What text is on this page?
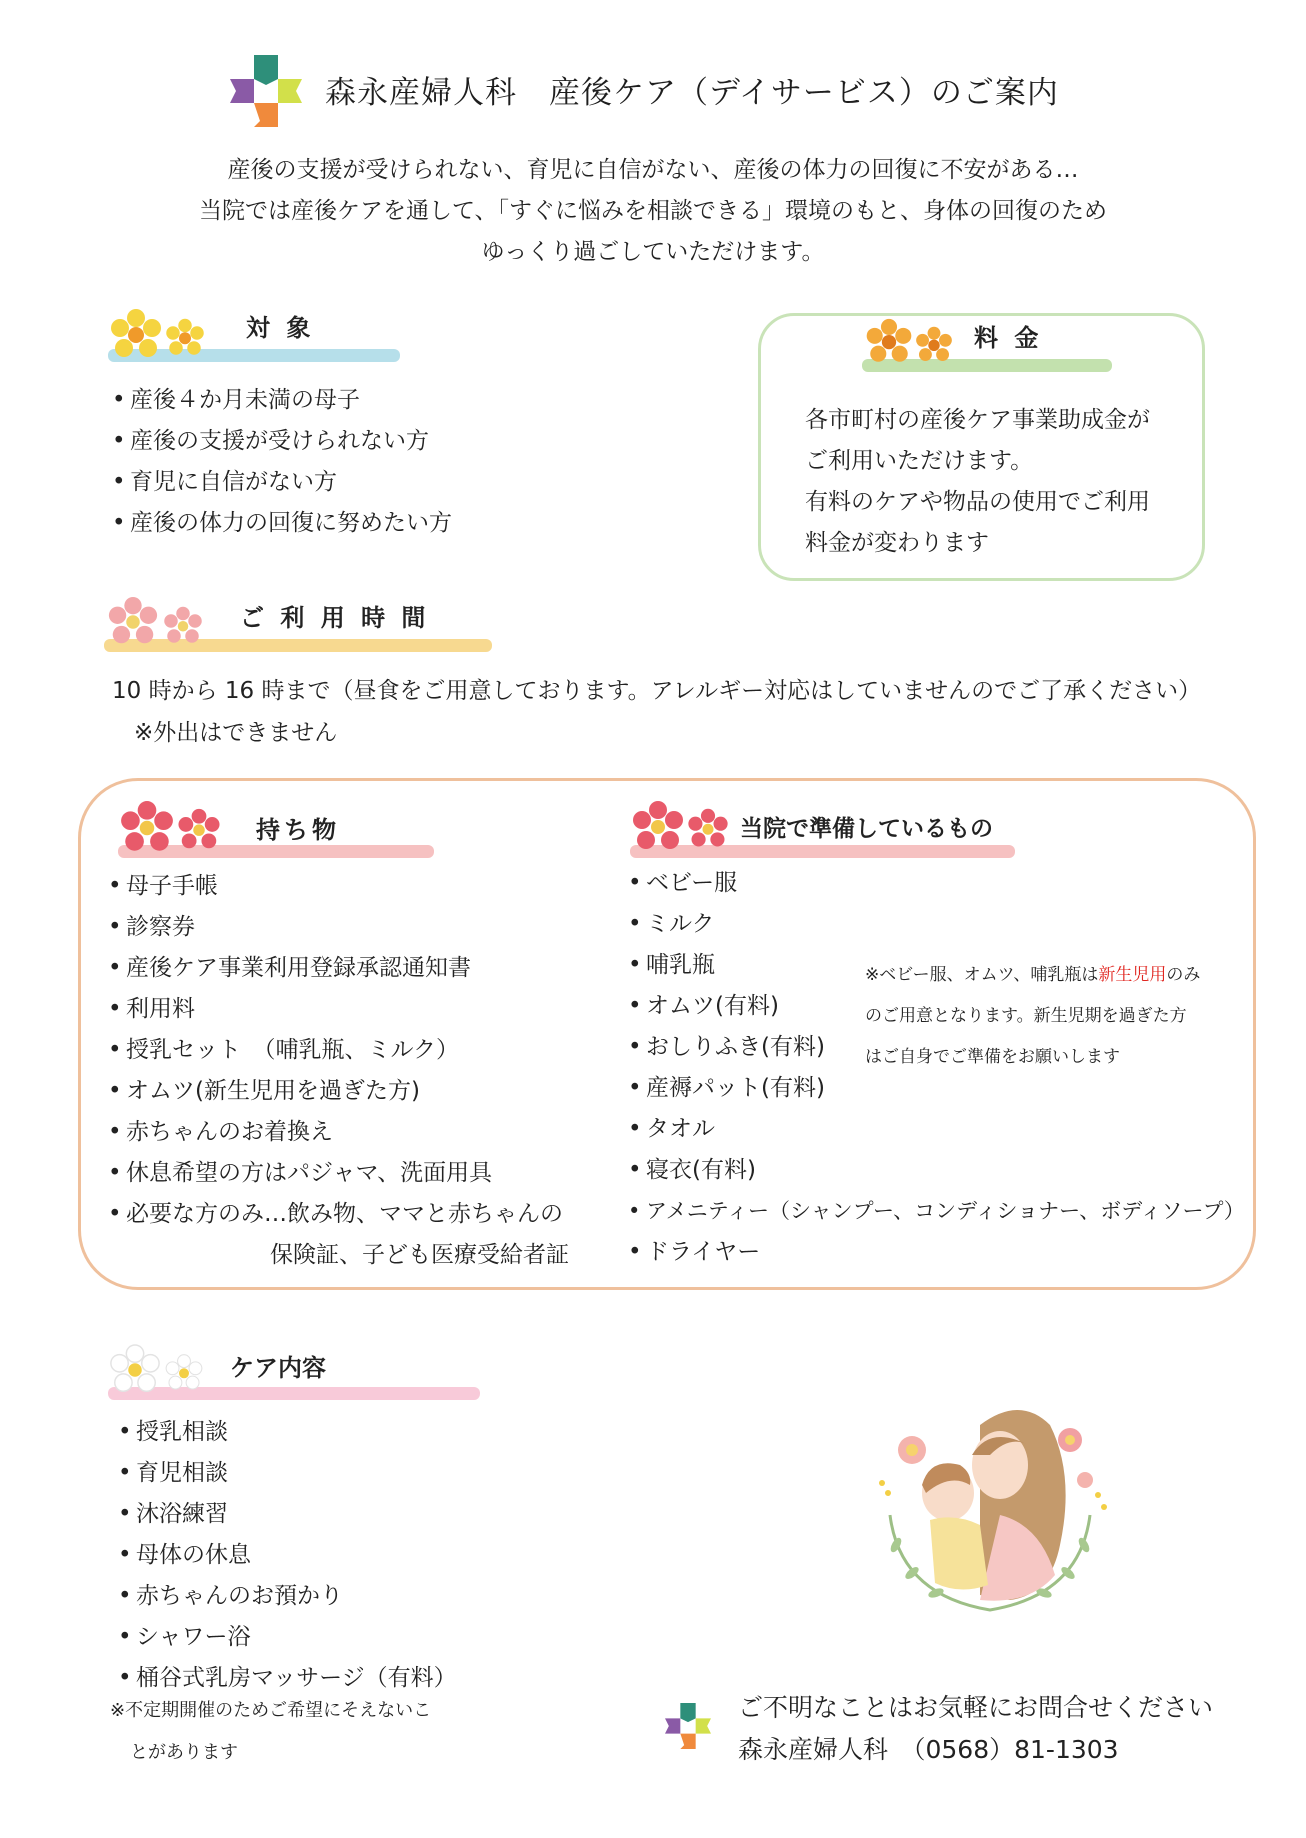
森永産婦人科　産後ケア（デイサービス）のご案内
産後の支援が受けられない、育児に自信がない、産後の体力の回復に不安がある…
当院では産後ケアを通して、「すぐに悩みを相談できる」環境のもと、身体の回復のため
ゆっくり過ごしていただけます。
対 象
• 産後４か月未満の母子
• 産後の支援が受けられない方
• 育児に自信がない方
• 産後の体力の回復に努めたい方
料 金
各市町村の産後ケア事業助成金が
ご利用いただけます。
有料のケアや物品の使用でご利用
料金が変わります
ご 利 用 時 間
10 時から 16 時まで（昼食をご用意しております。アレルギー対応はしていませんのでご了承ください）
※外出はできません
持ち物
• 母子手帳
• 診察券
• 産後ケア事業利用登録承認通知書
• 利用料
• 授乳セット　（哺乳瓶、ミルク）
• オムツ(新生児用を過ぎた方)
• 赤ちゃんのお着換え
• 休息希望の方はパジャマ、洗面用具
• 必要な方のみ…飲み物、ママと赤ちゃんの
保険証、子ども医療受給者証
当院で準備しているもの
• ベビー服
• ミルク
• 哺乳瓶
• オムツ(有料)
• おしりふき(有料)
• 産褥パット(有料)
• タオル
• 寝衣(有料)
• アメニティー（シャンプー、コンディショナー、ボディソープ）
• ドライヤー
※ベビー服、オムツ、哺乳瓶は新生児用のみ
のご用意となります。新生児期を過ぎた方
はご自身でご準備をお願いします
ケア内容
• 授乳相談
• 育児相談
• 沐浴練習
• 母体の休息
• 赤ちゃんのお預かり
• シャワー浴
• 桶谷式乳房マッサージ（有料）
※不定期開催のためご希望にそえないこ
とがあります
ご不明なことはお気軽にお問合せください
森永産婦人科　（0568）81-1303
